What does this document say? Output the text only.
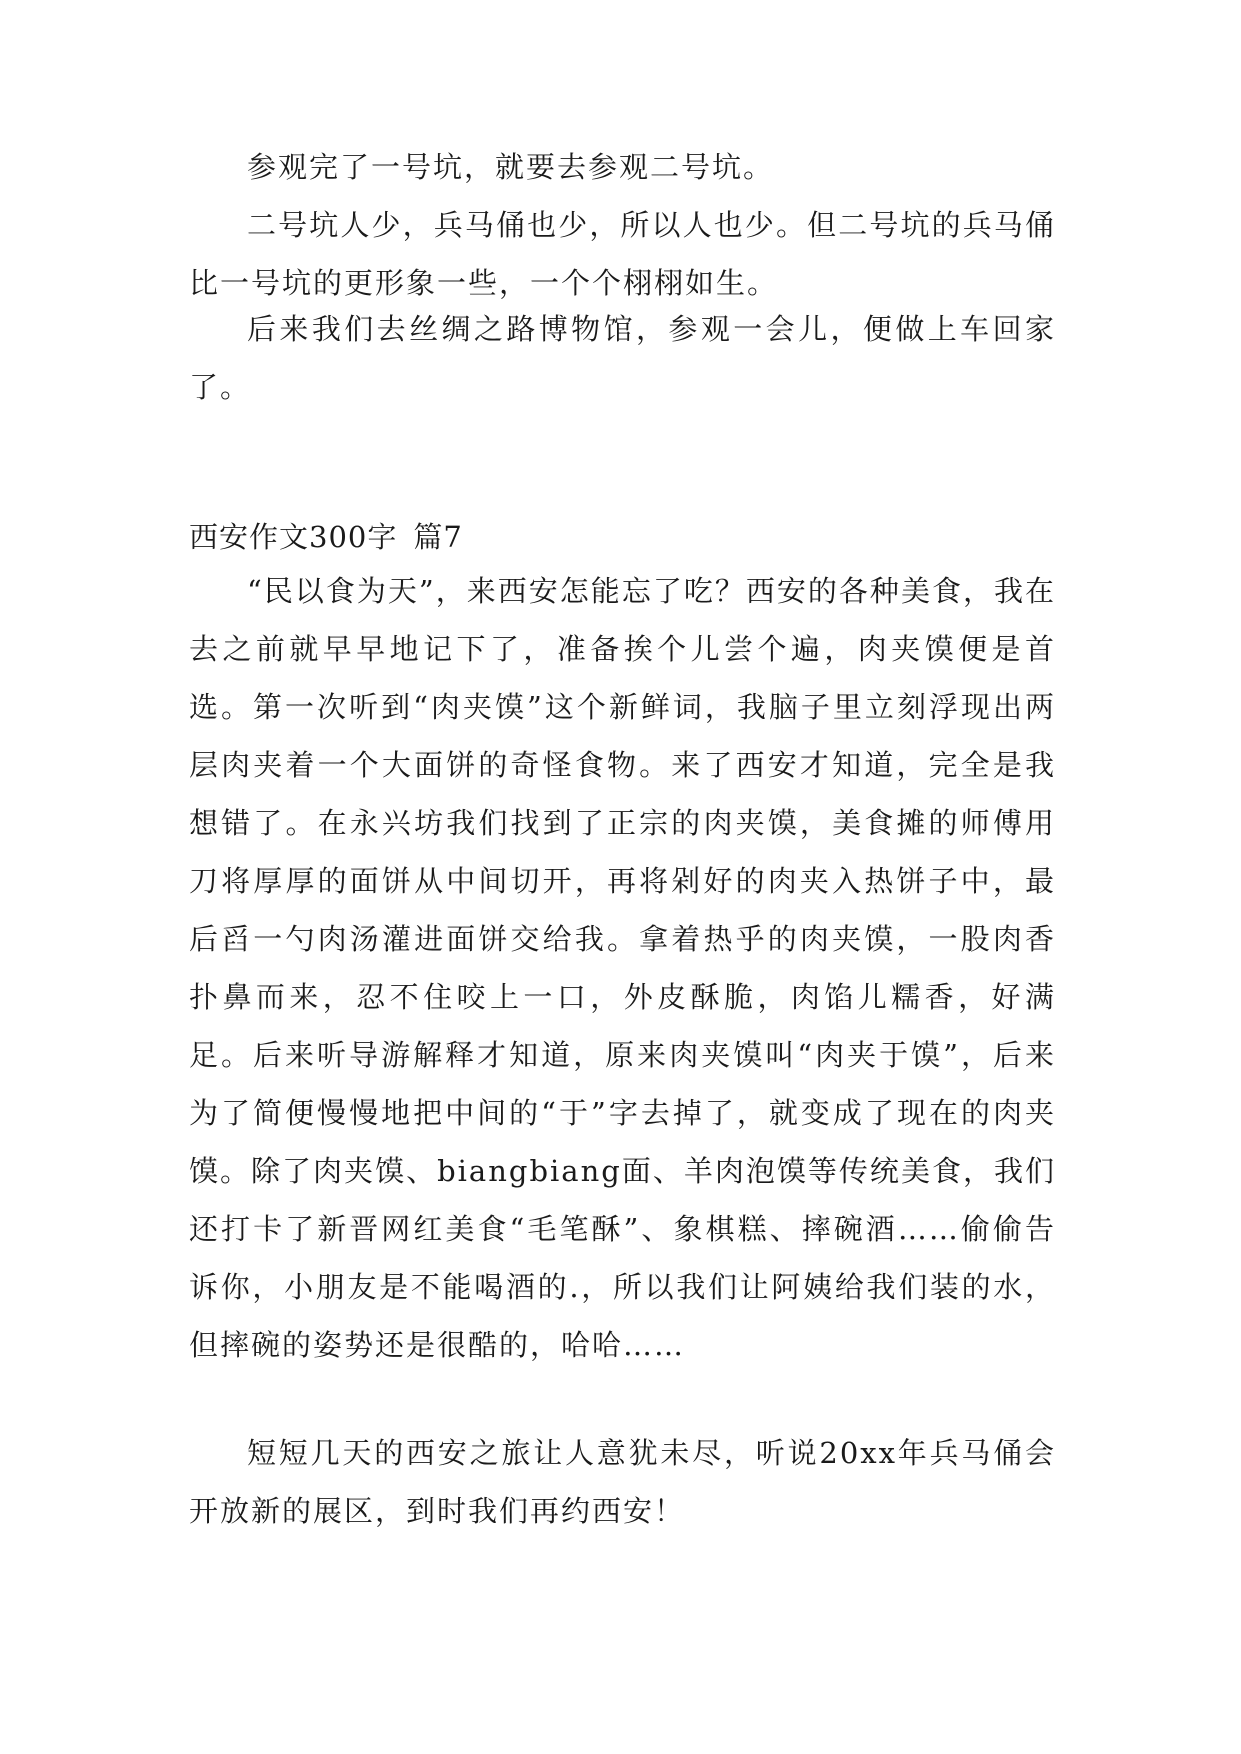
参观完了一号坑，就要去参观二号坑。

二号坑人少，兵马俑也少，所以人也少。但二号坑的兵马俑比一号坑的更形象一些，一个个栩栩如生。

后来我们去丝绸之路博物馆，参观一会儿，便做上车回家了。

西安作文300字 篇7

“民以食为天”，来西安怎能忘了吃？西安的各种美食，我在去之前就早早地记下了，准备挨个儿尝个遍，肉夹馍便是首选。第一次听到“肉夹馍”这个新鲜词，我脑子里立刻浮现出两层肉夹着一个大面饼的奇怪食物。来了西安才知道，完全是我想错了。在永兴坊我们找到了正宗的肉夹馍，美食摊的师傅用刀将厚厚的面饼从中间切开，再将剁好的肉夹入热饼子中，最后舀一勺肉汤灌进面饼交给我。拿着热乎的肉夹馍，一股肉香扑鼻而来，忍不住咬上一口，外皮酥脆，肉馅儿糯香，好满足。后来听导游解释才知道，原来肉夹馍叫“肉夹于馍”，后来为了简便慢慢地把中间的“于”字去掉了，就变成了现在的肉夹馍。除了肉夹馍、biangbiang面、羊肉泡馍等传统美食，我们还打卡了新晋网红美食“毛笔酥”、象棋糕、摔碗酒……偷偷告诉你，小朋友是不能喝酒的.，所以我们让阿姨给我们装的水，但摔碗的姿势还是很酷的，哈哈……

短短几天的西安之旅让人意犹未尽，听说20xx年兵马俑会开放新的展区，到时我们再约西安！
